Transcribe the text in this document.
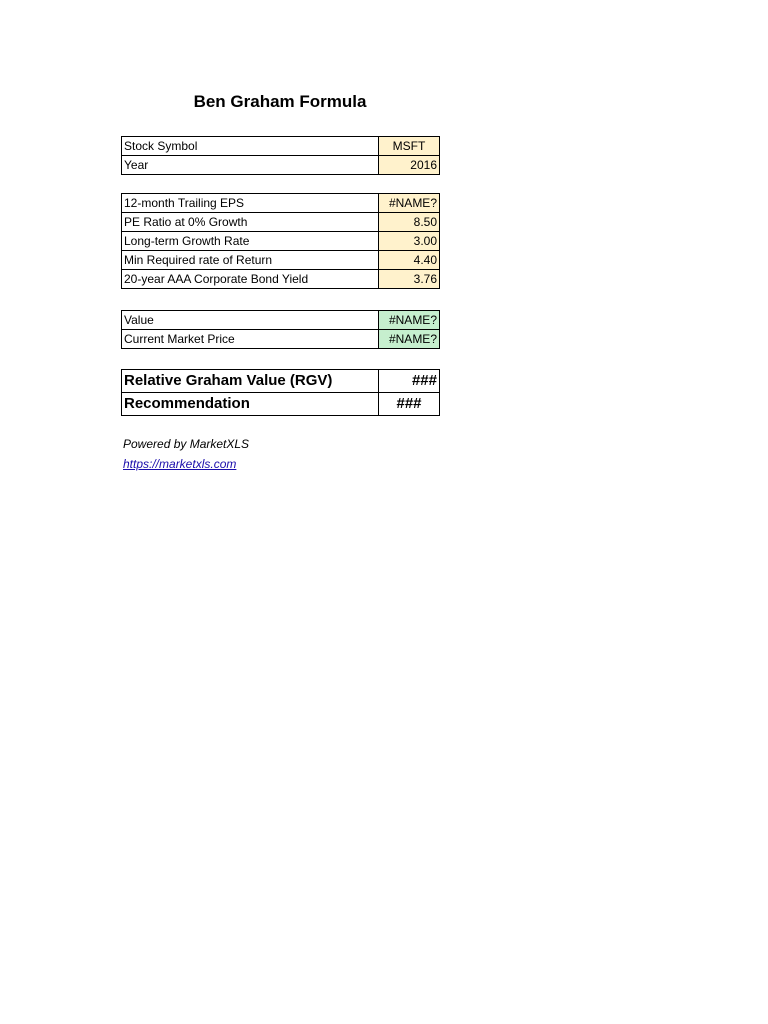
Ben Graham Formula
Stock Symbol	MSFT
Year	2016
12-month Trailing EPS	#NAME?
PE Ratio at 0% Growth	8.50
Long-term Growth Rate	3.00
Min Required rate of Return	4.40
20-year AAA Corporate Bond Yield	3.76
Value	#NAME?
Current Market Price	#NAME?
Relative Graham Value (RGV)	###
Recommendation	###
Powered by MarketXLS
https://marketxls.com
